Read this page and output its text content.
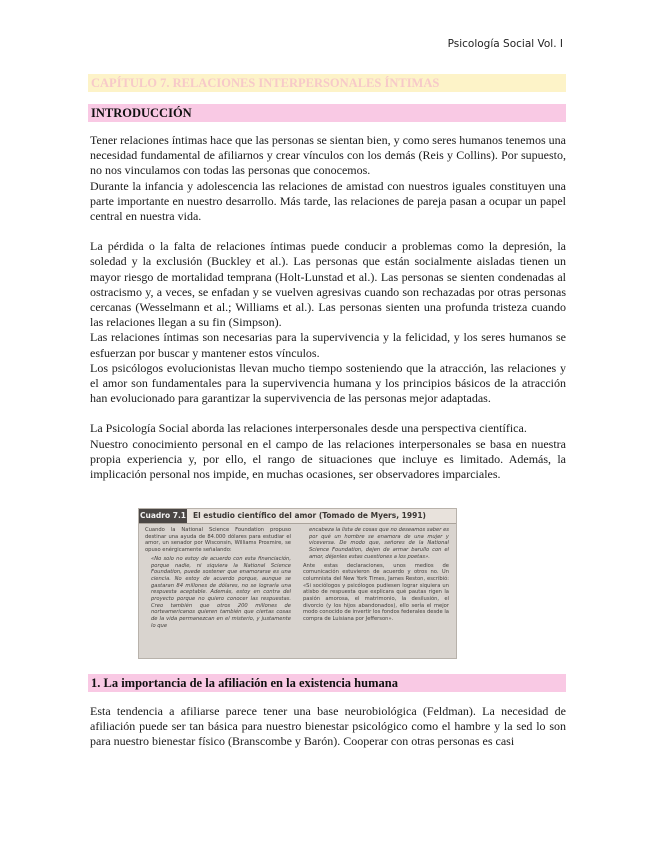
Psicología Social Vol. I
CAPÍTULO 7. RELACIONES INTERPERSONALES ÍNTIMAS
INTRODUCCIÓN

Tener relaciones íntimas hace que las personas se sientan bien, y como seres humanos tenemos una necesidad fundamental de afiliarnos y crear vínculos con los demás (Reis y Collins). Por supuesto, no nos vinculamos con todas las personas que conocemos.

Durante la infancia y adolescencia las relaciones de amistad con nuestros iguales constituyen una parte importante en nuestro desarrollo. Más tarde, las relaciones de pareja pasan a ocupar un papel central en nuestra vida.

La pérdida o la falta de relaciones íntimas puede conducir a problemas como la depresión, la soledad y la exclusión (Buckley et al.). Las personas que están socialmente aisladas tienen un mayor riesgo de mortalidad temprana (Holt-Lunstad et al.). Las personas se sienten condenadas al ostracismo y, a veces, se enfadan y se vuelven agresivas cuando son rechazadas por otras personas cercanas (Wesselmann et al.; Williams et al.). Las personas sienten una profunda tristeza cuando las relaciones llegan a su fin (Simpson).

Las relaciones íntimas son necesarias para la supervivencia y la felicidad, y los seres humanos se esfuerzan por buscar y mantener estos vínculos.

Los psicólogos evolucionistas llevan mucho tiempo sosteniendo que la atracción, las relaciones y el amor son fundamentales para la supervivencia humana y los principios básicos de la atracción han evolucionado para garantizar la supervivencia de las personas mejor adaptadas.

La Psicología Social aborda las relaciones interpersonales desde una perspectiva científica.

Nuestro conocimiento personal en el campo de las relaciones interpersonales se basa en nuestra propia experiencia y, por ello, el rango de situaciones que incluye es limitado. Además, la implicación personal nos impide, en muchas ocasiones, ser observadores imparciales.

Cuadro 7.1 El estudio científico del amor (Tomado de Myers, 1991)

Cuando la National Science Foundation propuso destinar una ayuda de 84.000 dólares para estudiar el amor, un senador por Wisconsin, Williams Proxmire, se opuso enérgicamente señalando:

«No solo no estoy de acuerdo con esta financiación, porque nadie, ni siquiera la National Science Foundation, puede sostener que enamorarse es una ciencia. No estoy de acuerdo porque, aunque se gastaran 84 millones de dólares, no se lograría una respuesta aceptable. Además, estoy en contra del proyecto porque no quiero conocer las respuestas. Creo también que otros 200 millones de norteamericanos quieren también que ciertas cosas de la vida permanezcan en el misterio, y justamente lo que

encabeza la lista de cosas que no deseamos saber es por qué un hombre se enamora de una mujer y viceversa. De modo que, señores de la National Science Foundation, dejen de armar barullo con el amor, déjenles estas cuestiones a los poetas».

Ante estas declaraciones, unos medios de comunicación estuvieron de acuerdo y otros no. Un columnista del New York Times, James Reston, escribió: «Si sociólogos y psicólogos pudiesen lograr siquiera un atisbo de respuesta que explicara qué pautas rigen la pasión amorosa, el matrimonio, la desilusión, el divorcio (y los hijos abandonados), ello sería el mejor modo conocido de invertir los fondos federales desde la compra de Luisiana por Jefferson».

1. La importancia de la afiliación en la existencia humana

Esta tendencia a afiliarse parece tener una base neurobiológica (Feldman). La necesidad de afiliación puede ser tan básica para nuestro bienestar psicológico como el hambre y la sed lo son para nuestro bienestar físico (Branscombe y Barón). Cooperar con otras personas es casi
